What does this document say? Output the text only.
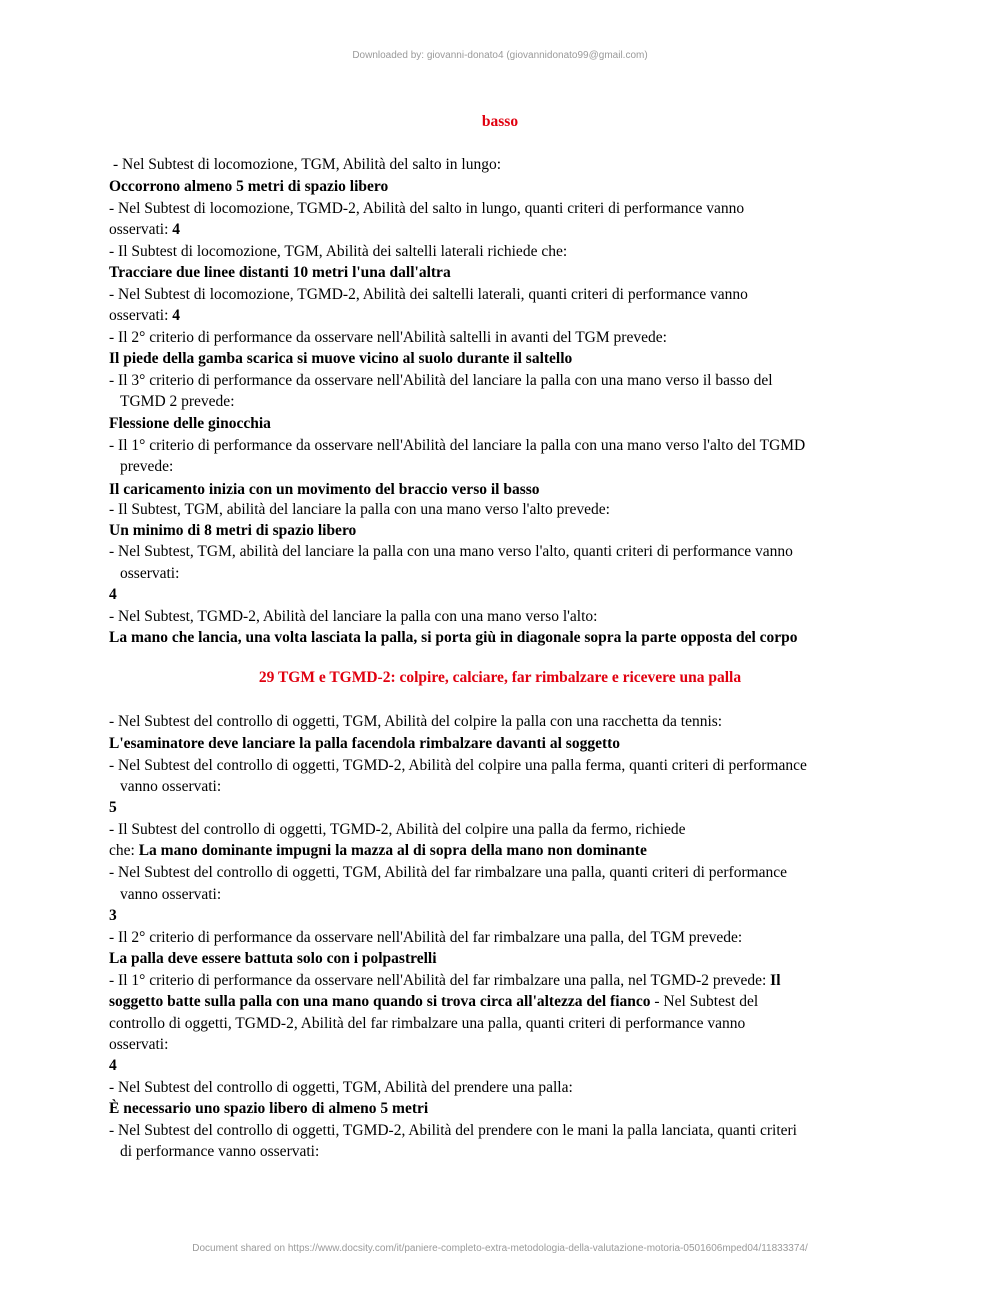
Downloaded by: giovanni-donato4 (giovannidonato99@gmail.com)

basso

- Nel Subtest di locomozione, TGM, Abilità del salto in lungo:

Occorrono almeno 5 metri di spazio libero

- Nel Subtest di locomozione, TGMD-2, Abilità del salto in lungo, quanti criteri di performance vanno

osservati: 4

- Il Subtest di locomozione, TGM, Abilità dei saltelli laterali richiede che:

Tracciare due linee distanti 10 metri l'una dall'altra

- Nel Subtest di locomozione, TGMD-2, Abilità dei saltelli laterali, quanti criteri di performance vanno

osservati: 4

- Il 2° criterio di performance da osservare nell'Abilità saltelli in avanti del TGM prevede:

Il piede della gamba scarica si muove vicino al suolo durante il saltello

- Il 3° criterio di performance da osservare nell'Abilità del lanciare la palla con una mano verso il basso del

TGMD 2 prevede:

Flessione delle ginocchia

- Il 1° criterio di performance da osservare nell'Abilità del lanciare la palla con una mano verso l'alto del TGMD

prevede:

Il caricamento inizia con un movimento del braccio verso il basso

- Il Subtest, TGM, abilità del lanciare la palla con una mano verso l'alto prevede:

Un minimo di 8 metri di spazio libero

- Nel Subtest, TGM, abilità del lanciare la palla con una mano verso l'alto, quanti criteri di performance vanno

osservati:

4

- Nel Subtest, TGMD-2, Abilità del lanciare la palla con una mano verso l'alto:

La mano che lancia, una volta lasciata la palla, si porta giù in diagonale sopra la parte opposta del corpo

29 TGM e TGMD-2: colpire, calciare, far rimbalzare e ricevere una palla

- Nel Subtest del controllo di oggetti, TGM, Abilità del colpire la palla con una racchetta da tennis:

L'esaminatore deve lanciare la palla facendola rimbalzare davanti al soggetto

- Nel Subtest del controllo di oggetti, TGMD-2, Abilità del colpire una palla ferma, quanti criteri di performance

vanno osservati:

5

- Il Subtest del controllo di oggetti, TGMD-2, Abilità del colpire una palla da fermo, richiede

che: La mano dominante impugni la mazza al di sopra della mano non dominante

- Nel Subtest del controllo di oggetti, TGM, Abilità del far rimbalzare una palla, quanti criteri di performance

vanno osservati:

3

- Il 2° criterio di performance da osservare nell'Abilità del far rimbalzare una palla, del TGM prevede:

La palla deve essere battuta solo con i polpastrelli

- Il 1° criterio di performance da osservare nell'Abilità del far rimbalzare una palla, nel TGMD-2 prevede: Il

soggetto batte sulla palla con una mano quando si trova circa all'altezza del fianco - Nel Subtest del

controllo di oggetti, TGMD-2, Abilità del far rimbalzare una palla, quanti criteri di performance vanno

osservati:

4

- Nel Subtest del controllo di oggetti, TGM, Abilità del prendere una palla:

È necessario uno spazio libero di almeno 5 metri

- Nel Subtest del controllo di oggetti, TGMD-2, Abilità del prendere con le mani la palla lanciata, quanti criteri

di performance vanno osservati:

Document shared on https://www.docsity.com/it/paniere-completo-extra-metodologia-della-valutazione-motoria-0501606mped04/11833374/
